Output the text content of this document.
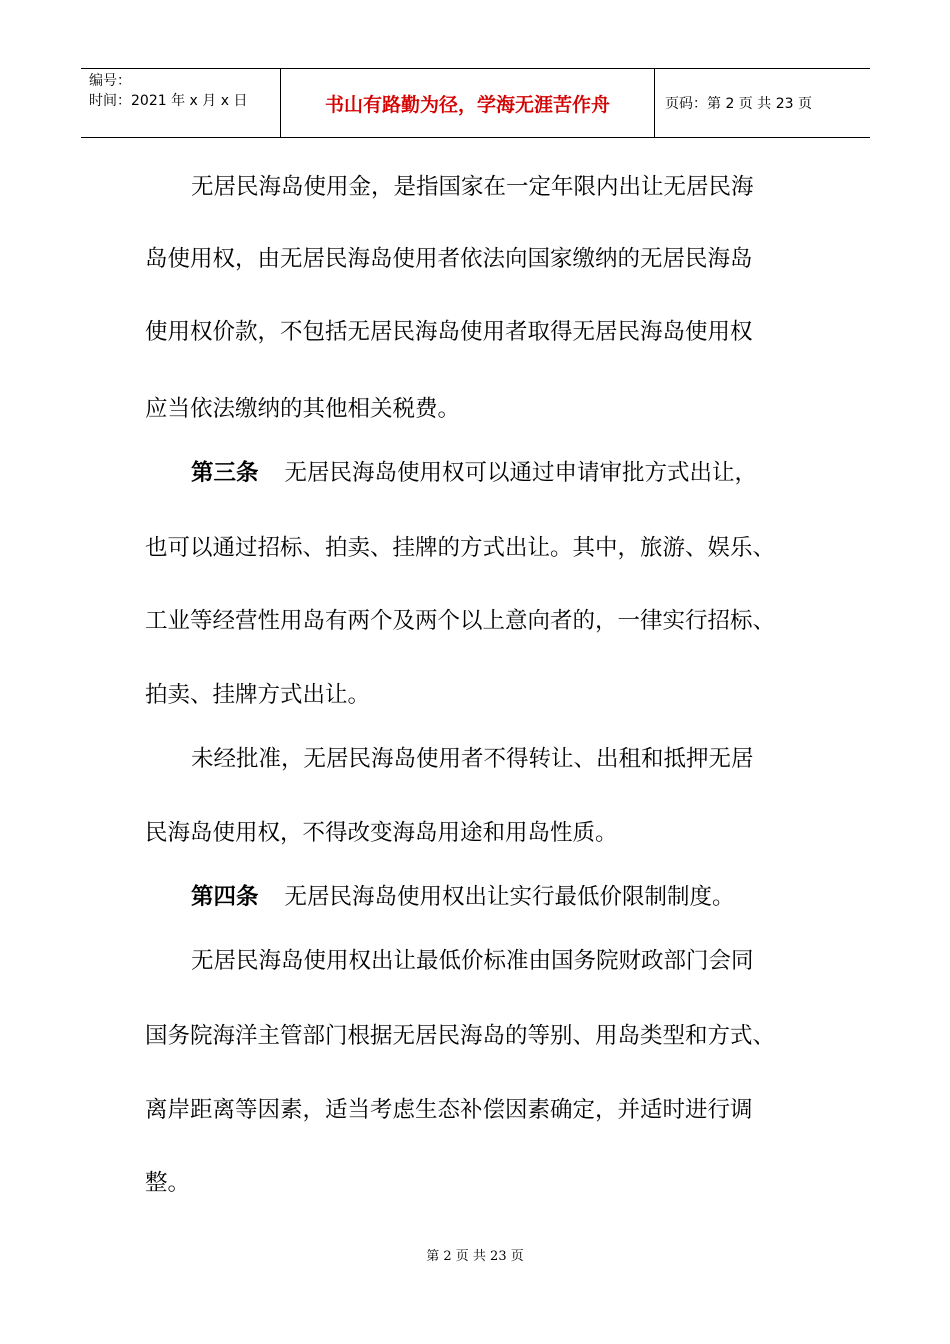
编号：
时间：2021 年 x 月 x 日	书山有路勤为径，学海无涯苦作舟	页码：第 2 页 共 23 页
无居民海岛使用金，是指国家在一定年限内出让无居民海
岛使用权，由无居民海岛使用者依法向国家缴纳的无居民海岛
使用权价款，不包括无居民海岛使用者取得无居民海岛使用权
应当依法缴纳的其他相关税费。
第三条 无居民海岛使用权可以通过申请审批方式出让，
也可以通过招标、拍卖、挂牌的方式出让。其中，旅游、娱乐、
工业等经营性用岛有两个及两个以上意向者的，一律实行招标、
拍卖、挂牌方式出让。
未经批准，无居民海岛使用者不得转让、出租和抵押无居
民海岛使用权，不得改变海岛用途和用岛性质。
第四条 无居民海岛使用权出让实行最低价限制制度。
无居民海岛使用权出让最低价标准由国务院财政部门会同
国务院海洋主管部门根据无居民海岛的等别、用岛类型和方式、
离岸距离等因素，适当考虑生态补偿因素确定，并适时进行调
整。
第 2 页 共 23 页
